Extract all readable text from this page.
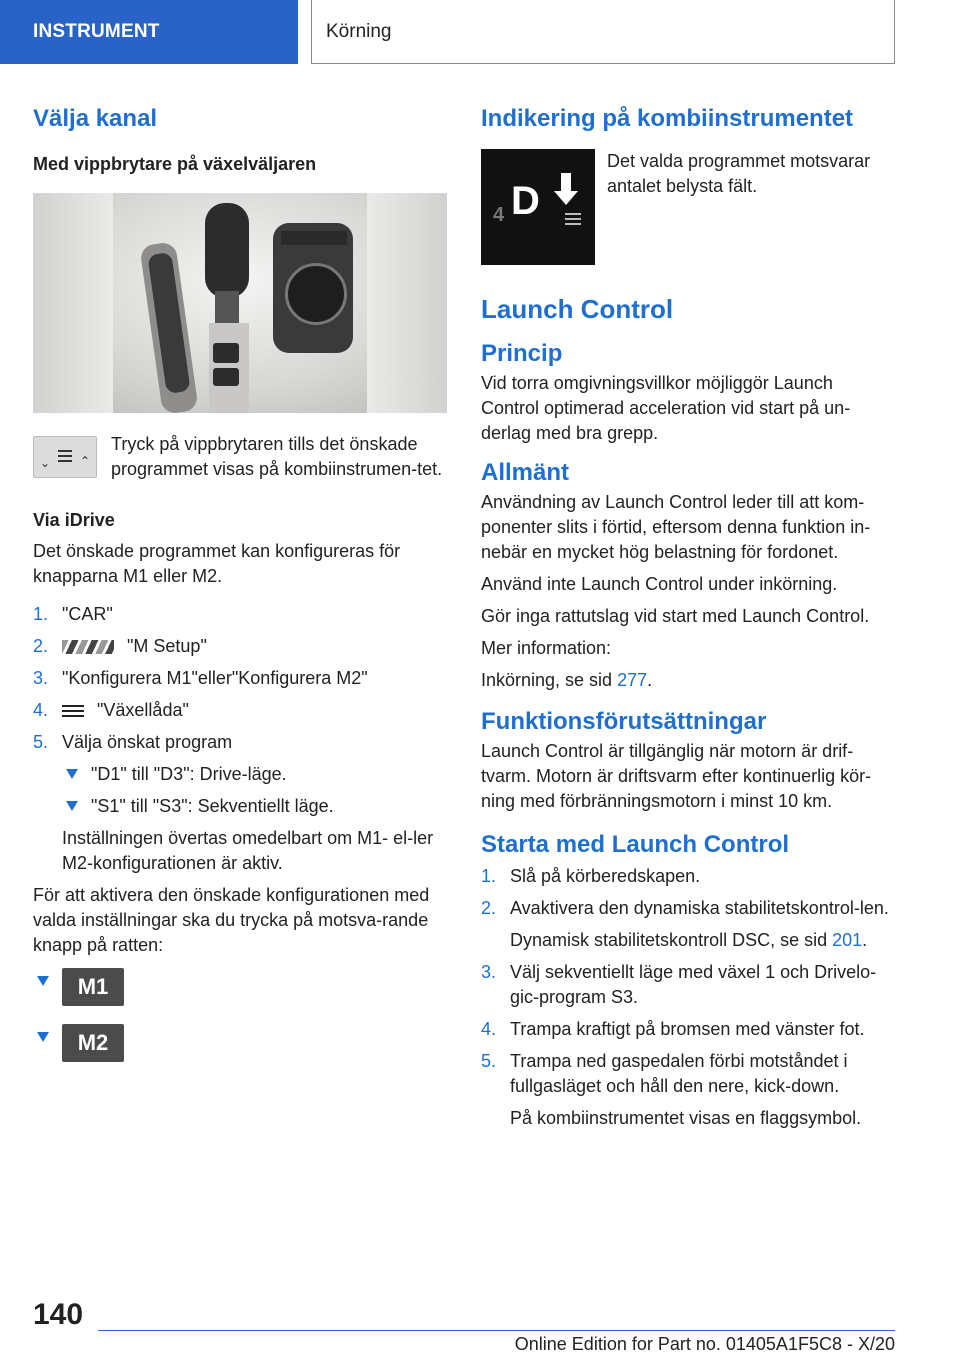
INSTRUMENT	Körning
Välja kanal
Med vippbrytare på växelväljaren
⌄ ⌃

Tryck på vippbrytaren tills det önskade programmet visas på kombiinstrumen-tet.

Via iDrive

Det önskade programmet kan konfigureras för knapparna M1 eller M2.

1. "CAR"
2.	"M Setup"
3. "Konfigurera M1"eller"Konfigurera M2"
4.	"Växellåda"
5. Välja önskat program
"D1" till "D3": Drive-läge.
"S1" till "S3": Sekventiellt läge.

Inställningen övertas omedelbart om M1- el-ler M2-konfigurationen är aktiv.

För att aktivera den önskade konfigurationen med valda inställningar ska du trycka på motsva-rande knapp på ratten:

M1
M2
Indikering på kombiinstrumentet
4 D

Det valda programmet motsvarar antalet belysta fält.

Launch Control
Princip

Vid torra omgivningsvillkor möjliggör Launch Control optimerad acceleration vid start på un-derlag med bra grepp.

Allmänt

Användning av Launch Control leder till att kom-ponenter slits i förtid, eftersom denna funktion in-nebär en mycket hög belastning för fordonet.

Använd inte Launch Control under inkörning.

Gör inga rattutslag vid start med Launch Control.

Mer information:

Inkörning, se sid 277.

Funktionsförutsättningar

Launch Control är tillgänglig när motorn är drif-tvarm. Motorn är driftsvarm efter kontinuerlig kör-ning med förbränningsmotorn i minst 10 km.

Starta med Launch Control
1. Slå på körberedskapen.
2. Avaktivera den dynamiska stabilitetskontrol-len.

Dynamisk stabilitetskontroll DSC, se sid 201.

3. Välj sekventiellt läge med växel 1 och Drivelo-gic-program S3.
4. Trampa kraftigt på bromsen med vänster fot.
5. Trampa ned gaspedalen förbi motståndet i fullgasläget och håll den nere, kick-down.

På kombiinstrumentet visas en flaggsymbol.

140
Online Edition for Part no. 01405A1F5C8 - X/20
